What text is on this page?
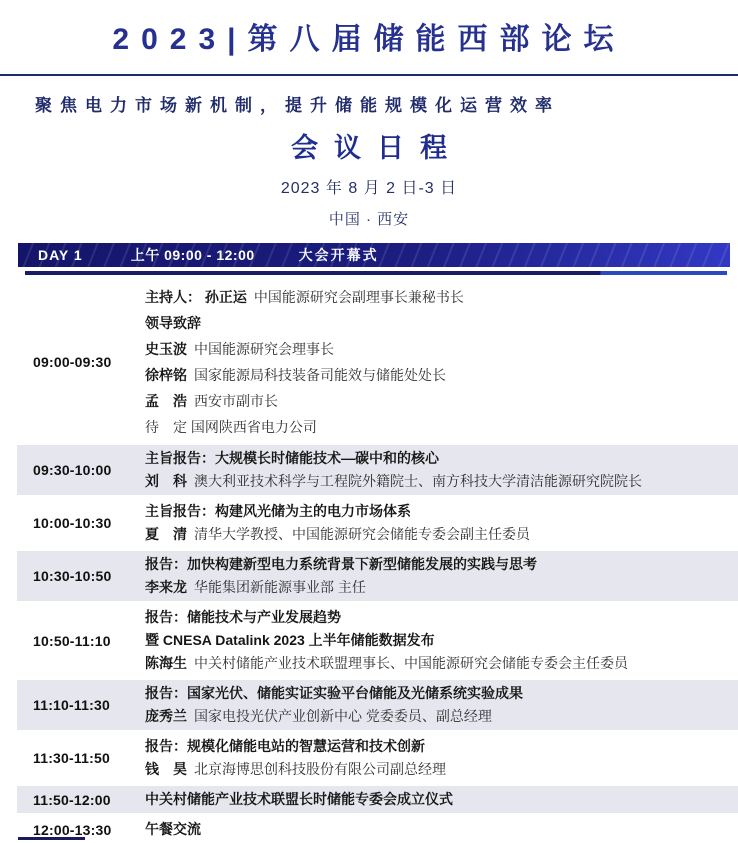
2023|第八届储能西部论坛
聚焦电力市场新机制，提升储能规模化运营效率
会议日程
2023 年 8 月 2 日-3 日
中国 · 西安
DAY 1	上午 09:00 - 12:00	大会开幕式
09:00-09:30
主持人： 孙正运 中国能源研究会副理事长兼秘书长
领导致辞
史玉波 中国能源研究会理事长
徐梓铭 国家能源局科技装备司能效与储能处处长
孟　浩 西安市副市长
待　定 国网陕西省电力公司
09:30-10:00
主旨报告：大规模长时储能技术—碳中和的核心
刘　科 澳大利亚技术科学与工程院外籍院士、南方科技大学清洁能源研究院院长
10:00-10:30
主旨报告：构建风光储为主的电力市场体系
夏　清 清华大学教授、中国能源研究会储能专委会副主任委员
10:30-10:50
报告：加快构建新型电力系统背景下新型储能发展的实践与思考
李来龙 华能集团新能源事业部 主任
10:50-11:10
报告：储能技术与产业发展趋势
暨 CNESA Datalink 2023 上半年储能数据发布
陈海生 中关村储能产业技术联盟理事长、中国能源研究会储能专委会主任委员
11:10-11:30
报告：国家光伏、储能实证实验平台储能及光储系统实验成果
庞秀兰 国家电投光伏产业创新中心 党委委员、副总经理
11:30-11:50
报告：规模化储能电站的智慧运营和技术创新
钱　昊 北京海博思创科技股份有限公司副总经理
11:50-12:00	中关村储能产业技术联盟长时储能专委会成立仪式
12:00-13:30	午餐交流
